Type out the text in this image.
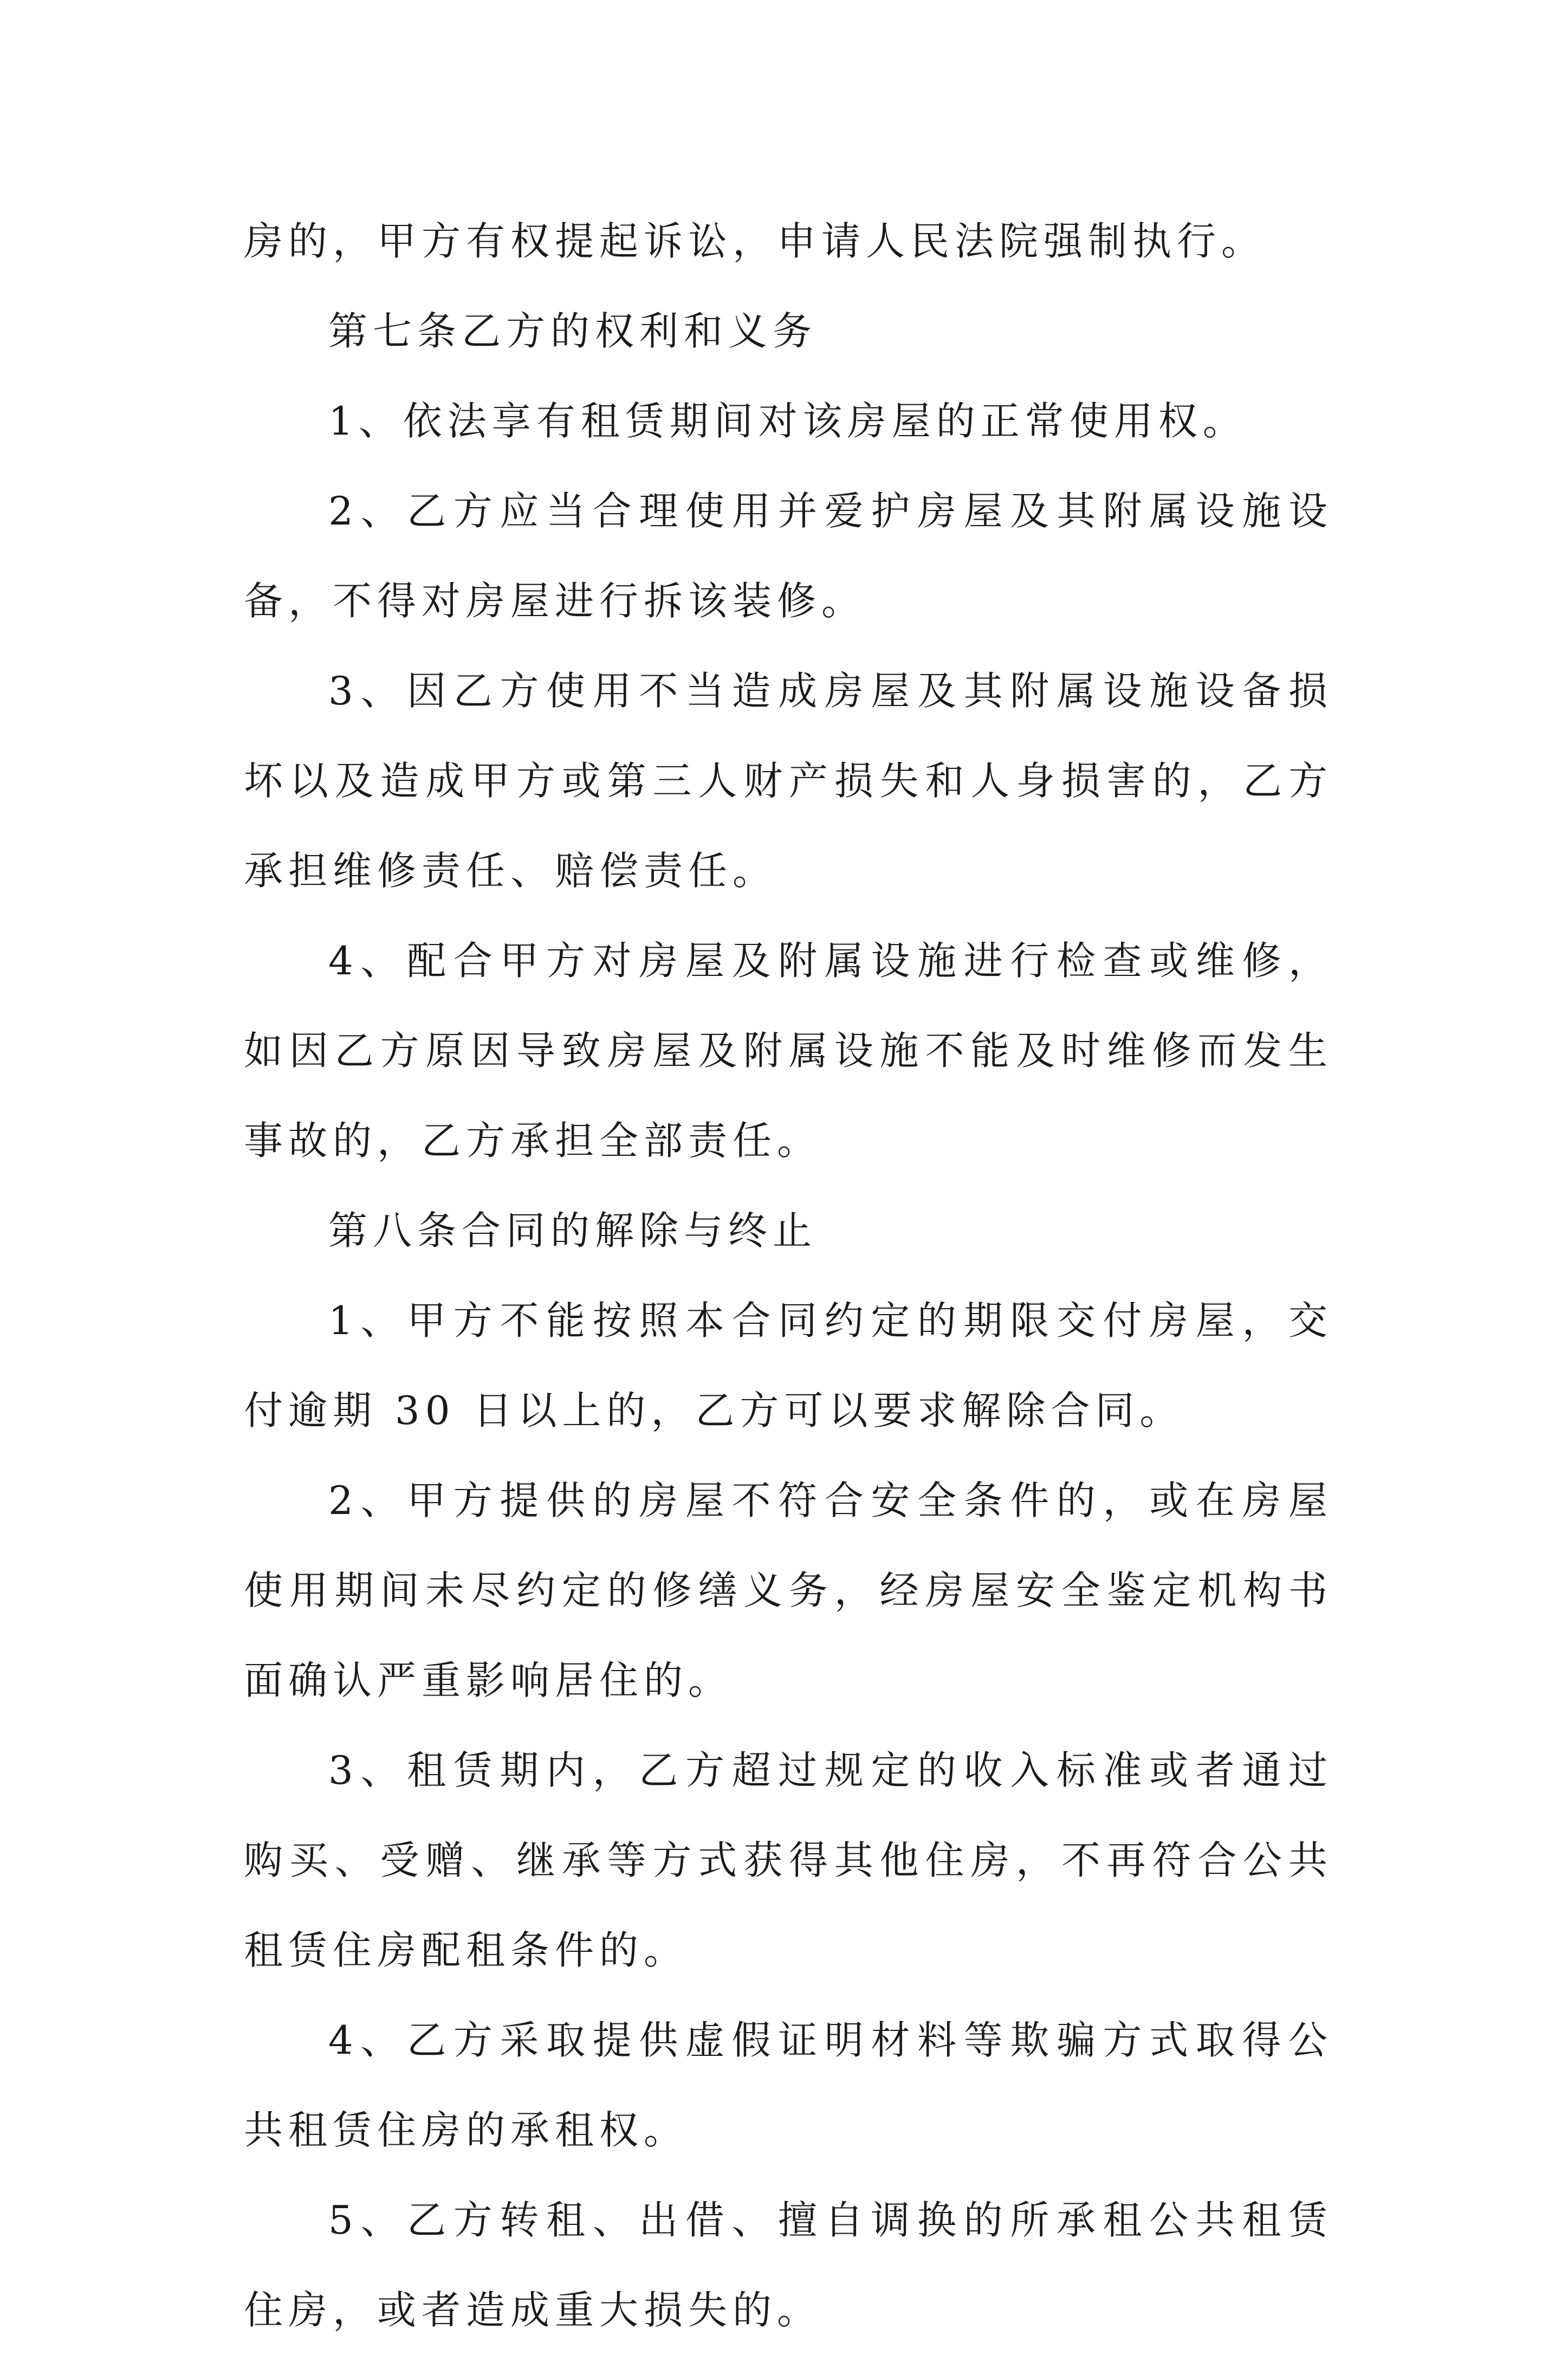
房的，甲方有权提起诉讼，申请人民法院强制执行。

第七条乙方的权利和义务

1、依法享有租赁期间对该房屋的正常使用权。

2、乙方应当合理使用并爱护房屋及其附属设施设备，不得对房屋进行拆该装修。

3、因乙方使用不当造成房屋及其附属设施设备损坏以及造成甲方或第三人财产损失和人身损害的，乙方承担维修责任、赔偿责任。

4、配合甲方对房屋及附属设施进行检查或维修，如因乙方原因导致房屋及附属设施不能及时维修而发生事故的，乙方承担全部责任。

第八条合同的解除与终止

1、甲方不能按照本合同约定的期限交付房屋，交付逾期 30 日以上的，乙方可以要求解除合同。

2、甲方提供的房屋不符合安全条件的，或在房屋使用期间未尽约定的修缮义务，经房屋安全鉴定机构书面确认严重影响居住的。

3、租赁期内，乙方超过规定的收入标准或者通过购买、受赠、继承等方式获得其他住房，不再符合公共租赁住房配租条件的。

4、乙方采取提供虚假证明材料等欺骗方式取得公共租赁住房的承租权。

5、乙方转租、出借、擅自调换的所承租公共租赁住房，或者造成重大损失的。
